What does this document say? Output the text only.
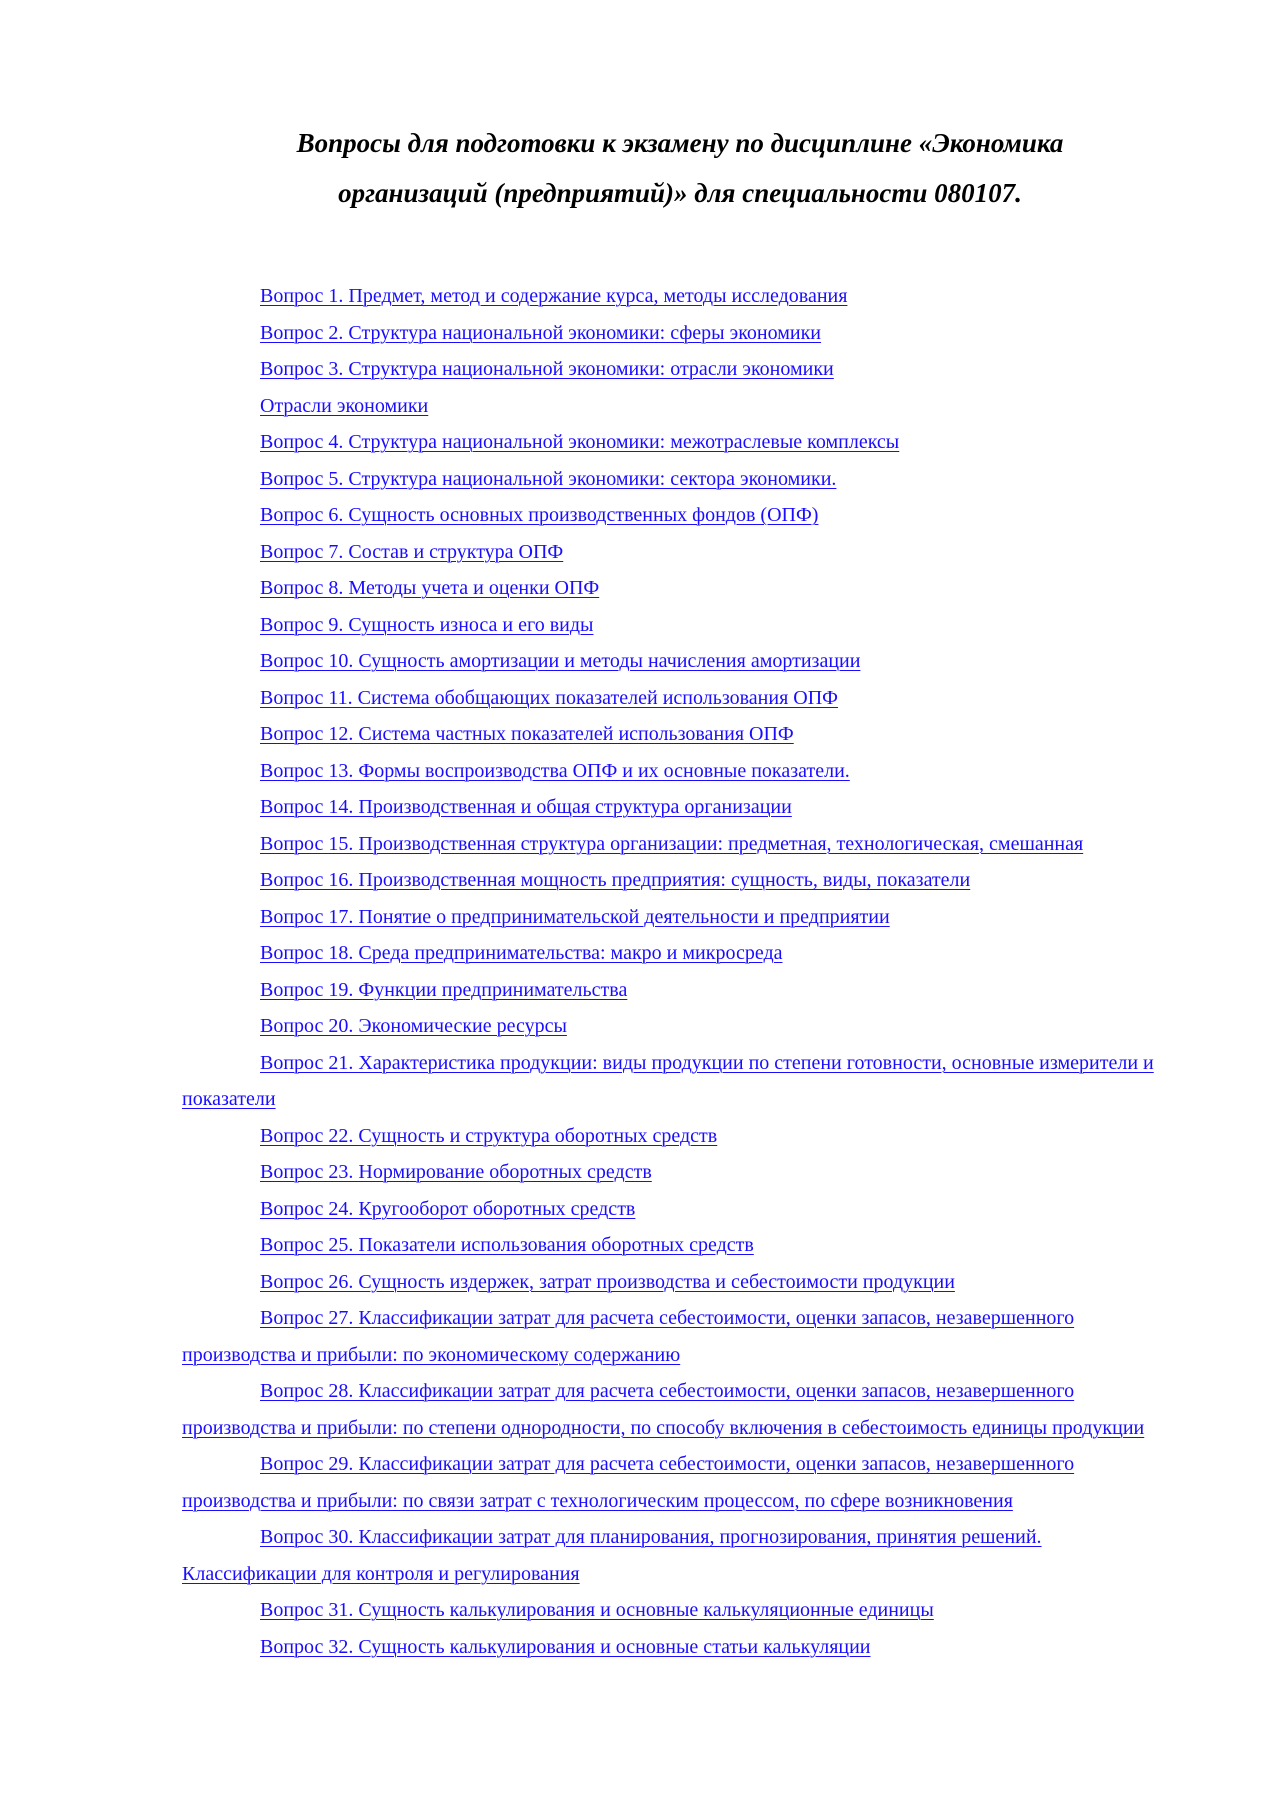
Вопросы для подготовки к экзамену по дисциплине «Экономика
организаций (предприятий)» для специальности 080107.
Вопрос 1. Предмет, метод и содержание курса, методы исследования
Вопрос 2. Структура национальной экономики: сферы экономики
Вопрос 3. Структура национальной экономики: отрасли экономики
Отрасли экономики
Вопрос 4. Структура национальной экономики: межотраслевые комплексы
Вопрос 5. Структура национальной экономики: сектора экономики.
Вопрос 6. Сущность основных производственных фондов (ОПФ)
Вопрос 7. Состав и структура ОПФ
Вопрос 8. Методы учета и оценки ОПФ
Вопрос 9. Сущность износа и его виды
Вопрос 10. Сущность амортизации и методы начисления амортизации
Вопрос 11. Система обобщающих показателей использования ОПФ
Вопрос 12. Система частных показателей использования ОПФ
Вопрос 13. Формы воспроизводства ОПФ и их основные показатели.
Вопрос 14. Производственная и общая структура организации
Вопрос 15. Производственная структура организации: предметная, технологическая, смешанная
Вопрос 16. Производственная мощность предприятия: сущность, виды, показатели
Вопрос 17. Понятие о предпринимательской деятельности и предприятии
Вопрос 18. Среда предпринимательства: макро и микросреда
Вопрос 19. Функции предпринимательства
Вопрос 20. Экономические ресурсы
Вопрос 21. Характеристика продукции: виды продукции по степени готовности, основные измерители и показатели
Вопрос 22. Сущность и структура оборотных средств
Вопрос 23. Нормирование оборотных средств
Вопрос 24. Кругооборот оборотных средств
Вопрос 25. Показатели использования оборотных средств
Вопрос 26. Сущность издержек, затрат производства и себестоимости продукции
Вопрос 27. Классификации затрат для расчета себестоимости, оценки запасов, незавершенного производства и прибыли: по экономическому содержанию
Вопрос 28. Классификации затрат для расчета себестоимости, оценки запасов, незавершенного производства и прибыли: по степени однородности, по способу включения в себестоимость единицы продукции
Вопрос 29. Классификации затрат для расчета себестоимости, оценки запасов, незавершенного производства и прибыли: по связи затрат с технологическим процессом, по сфере возникновения
Вопрос 30. Классификации затрат для планирования, прогнозирования, принятия решений. Классификации для контроля и регулирования
Вопрос 31. Сущность калькулирования и основные калькуляционные единицы
Вопрос 32. Сущность калькулирования и основные статьи калькуляции
